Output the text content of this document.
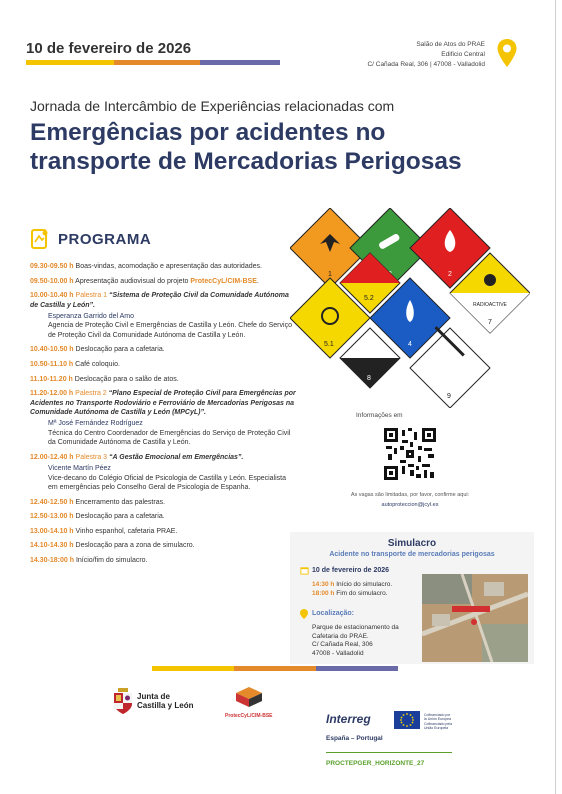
10 de fevereiro de 2026	Salão de Atos do PRAE
Edificio Central
C/ Cañada Real, 306 | 47008 - Valladolid
Jornada de Intercâmbio de Experiências relacionadas com
Emergências por acidentes no
transporte de Mercadorias Perigosas
PROGRAMA
09.30-09.50 h Boas-vindas, acomodação e apresentação das autoridades.
09.50-10.00 h Apresentação audiovisual do projeto ProtecCyL/CIM-BSE.
10.00-10.40 h Palestra 1 “Sistema de Proteção Civil da Comunidade Autónoma de Castilla y León”.
Esperanza Garrido del Amo
Agencia de Proteção Civil e Emergências de Castilla y León. Chefe do Serviço de Proteção Civil da Comunidade Autónoma de Castilla y León.
10.40-10.50 h Deslocação para a cafetaria.
10.50-11.10 h Café coloquio.
11.10-11.20 h Deslocação para o salão de atos.
11.20-12.00 h Palestra 2 “Plano Especial de Proteção Civil para Emergências por Acidentes no Transporte Rodoviário e Ferroviário de Mercadorias Perigosas na Comunidade Autónoma de Castilla y León (MPCyL)”.
Mª José Fernández Rodríguez
Técnica do Centro Coordenador de Emergências do Serviço de Proteção Civil da Comunidade Autónoma de Castilla y León.
12.00-12.40 h Palestra 3 “A Gestão Emocional em Emergências”.
Vicente Martín Péez
Vice-decano do Colégio Oficial de Psicologia de Castilla y León. Especialista em emergências pelo Conselho Geral de Psicologia de Espanha.
12.40-12.50 h Encerramento das palestras.
12.50-13.00 h Deslocação para a cafetaria.
13.00-14.10 h Vinho espanhol, cafetaria PRAE.
14.10-14.30 h Deslocação para a zona de simulacro.
14.30-18:00 h Início/fim do simulacro.
1	2
5.1
5.2
4
RADIOACTIVE
7
8
9
Informações em
As vagas são limitadas, por favor, confirme aqui:
autoproteccion@jcyl.es
Simulacro
Acidente no transporte de mercadorias perigosas
10 de fevereiro de 2026
14:30 h Início do simulacro.
18:00 h Fim do simulacro.
Localização:
Parque de estacionamento da
Cafetaria do PRAE.
C/ Cañada Real, 306
47008 - Valladolid
Junta de
Castilla y León
ProtecCyL/CIM-BSE
	Interreg	Cofinanciado por
la Unión Europea
Cofinanciado pela
União Europeia
España – Portugal
PROCTEPGER_HORIZONTE_27
